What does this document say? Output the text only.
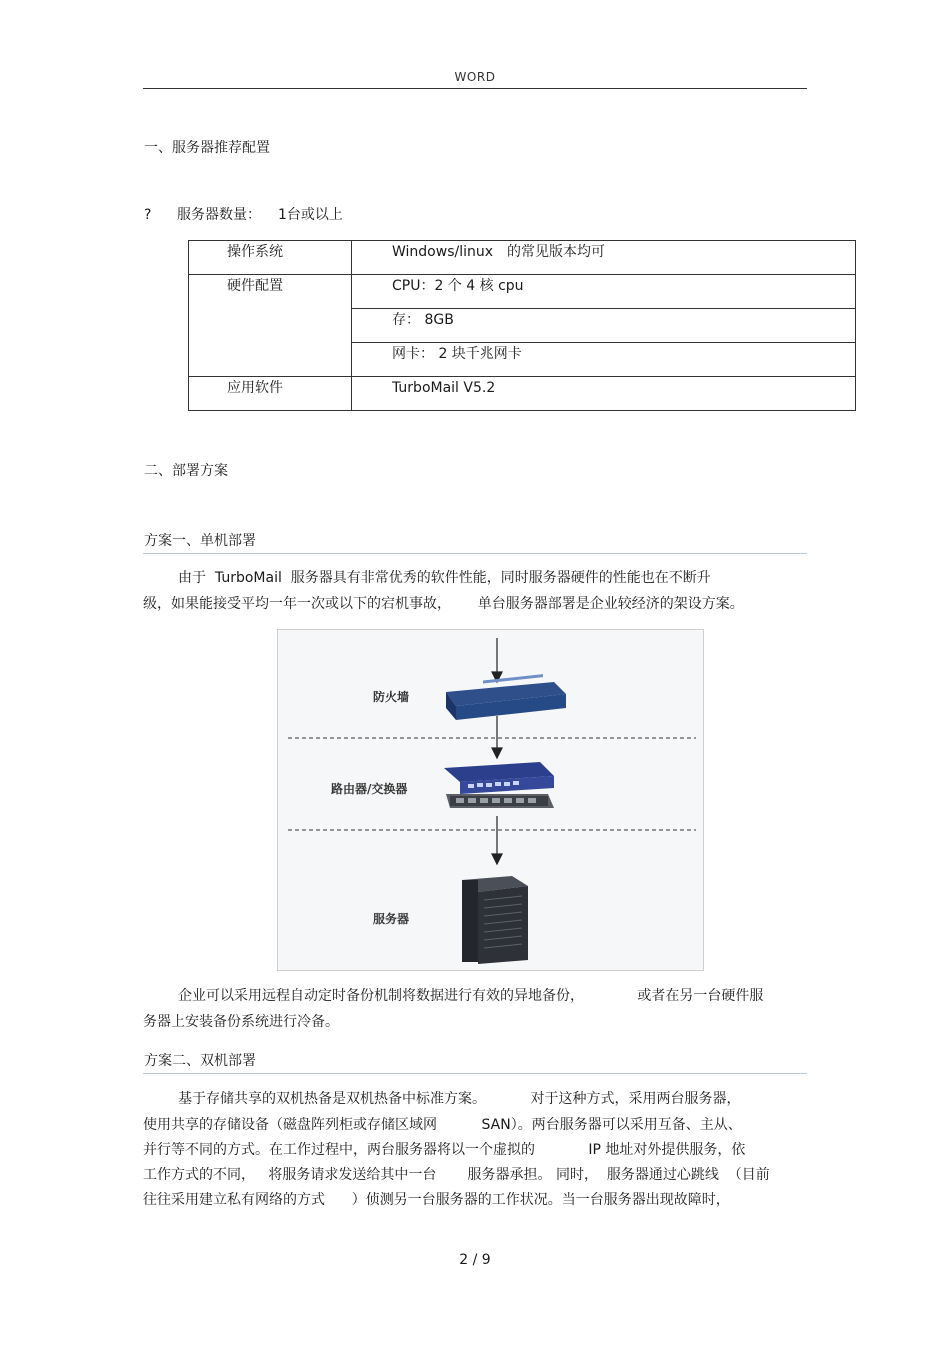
WORD
一、服务器推荐配置
? 服务器数量： 1台或以上
操作系统	Windows/linux　的常见版本均可

硬件配置	CPU：2 个 4 核 cpu

	存： 8GB

	网卡： 2 块千兆网卡

应用软件	TurboMail V5.2
二、部署方案
方案一、单机部署
由于  TurboMail  服务器具有非常优秀的软件性能，同时服务器硬件的性能也在不断升
级，如果能接受平均一年一次或以下的宕机事故，      单台服务器部署是企业较经济的架设方案。
防火墙
路由器/交换器
服务器
企业可以采用远程自动定时备份机制将数据进行有效的异地备份，            或者在另一台硬件服
务器上安装备份系统进行冷备。
方案二、双机部署
基于存储共享的双机热备是双机热备中标准方案。          对于这种方式，采用两台服务器，
使用共享的存储设备（磁盘阵列柜或存储区域网          SAN）。两台服务器可以采用互备、主从、
并行等不同的方式。在工作过程中，两台服务器将以一个虚拟的            IP 地址对外提供服务，依
工作方式的不同，   将服务请求发送给其中一台       服务器承担。 同时，  服务器通过心跳线  （目前
往往采用建立私有网络的方式      ）侦测另一台服务器的工作状况。当一台服务器出现故障时，
2 / 9
